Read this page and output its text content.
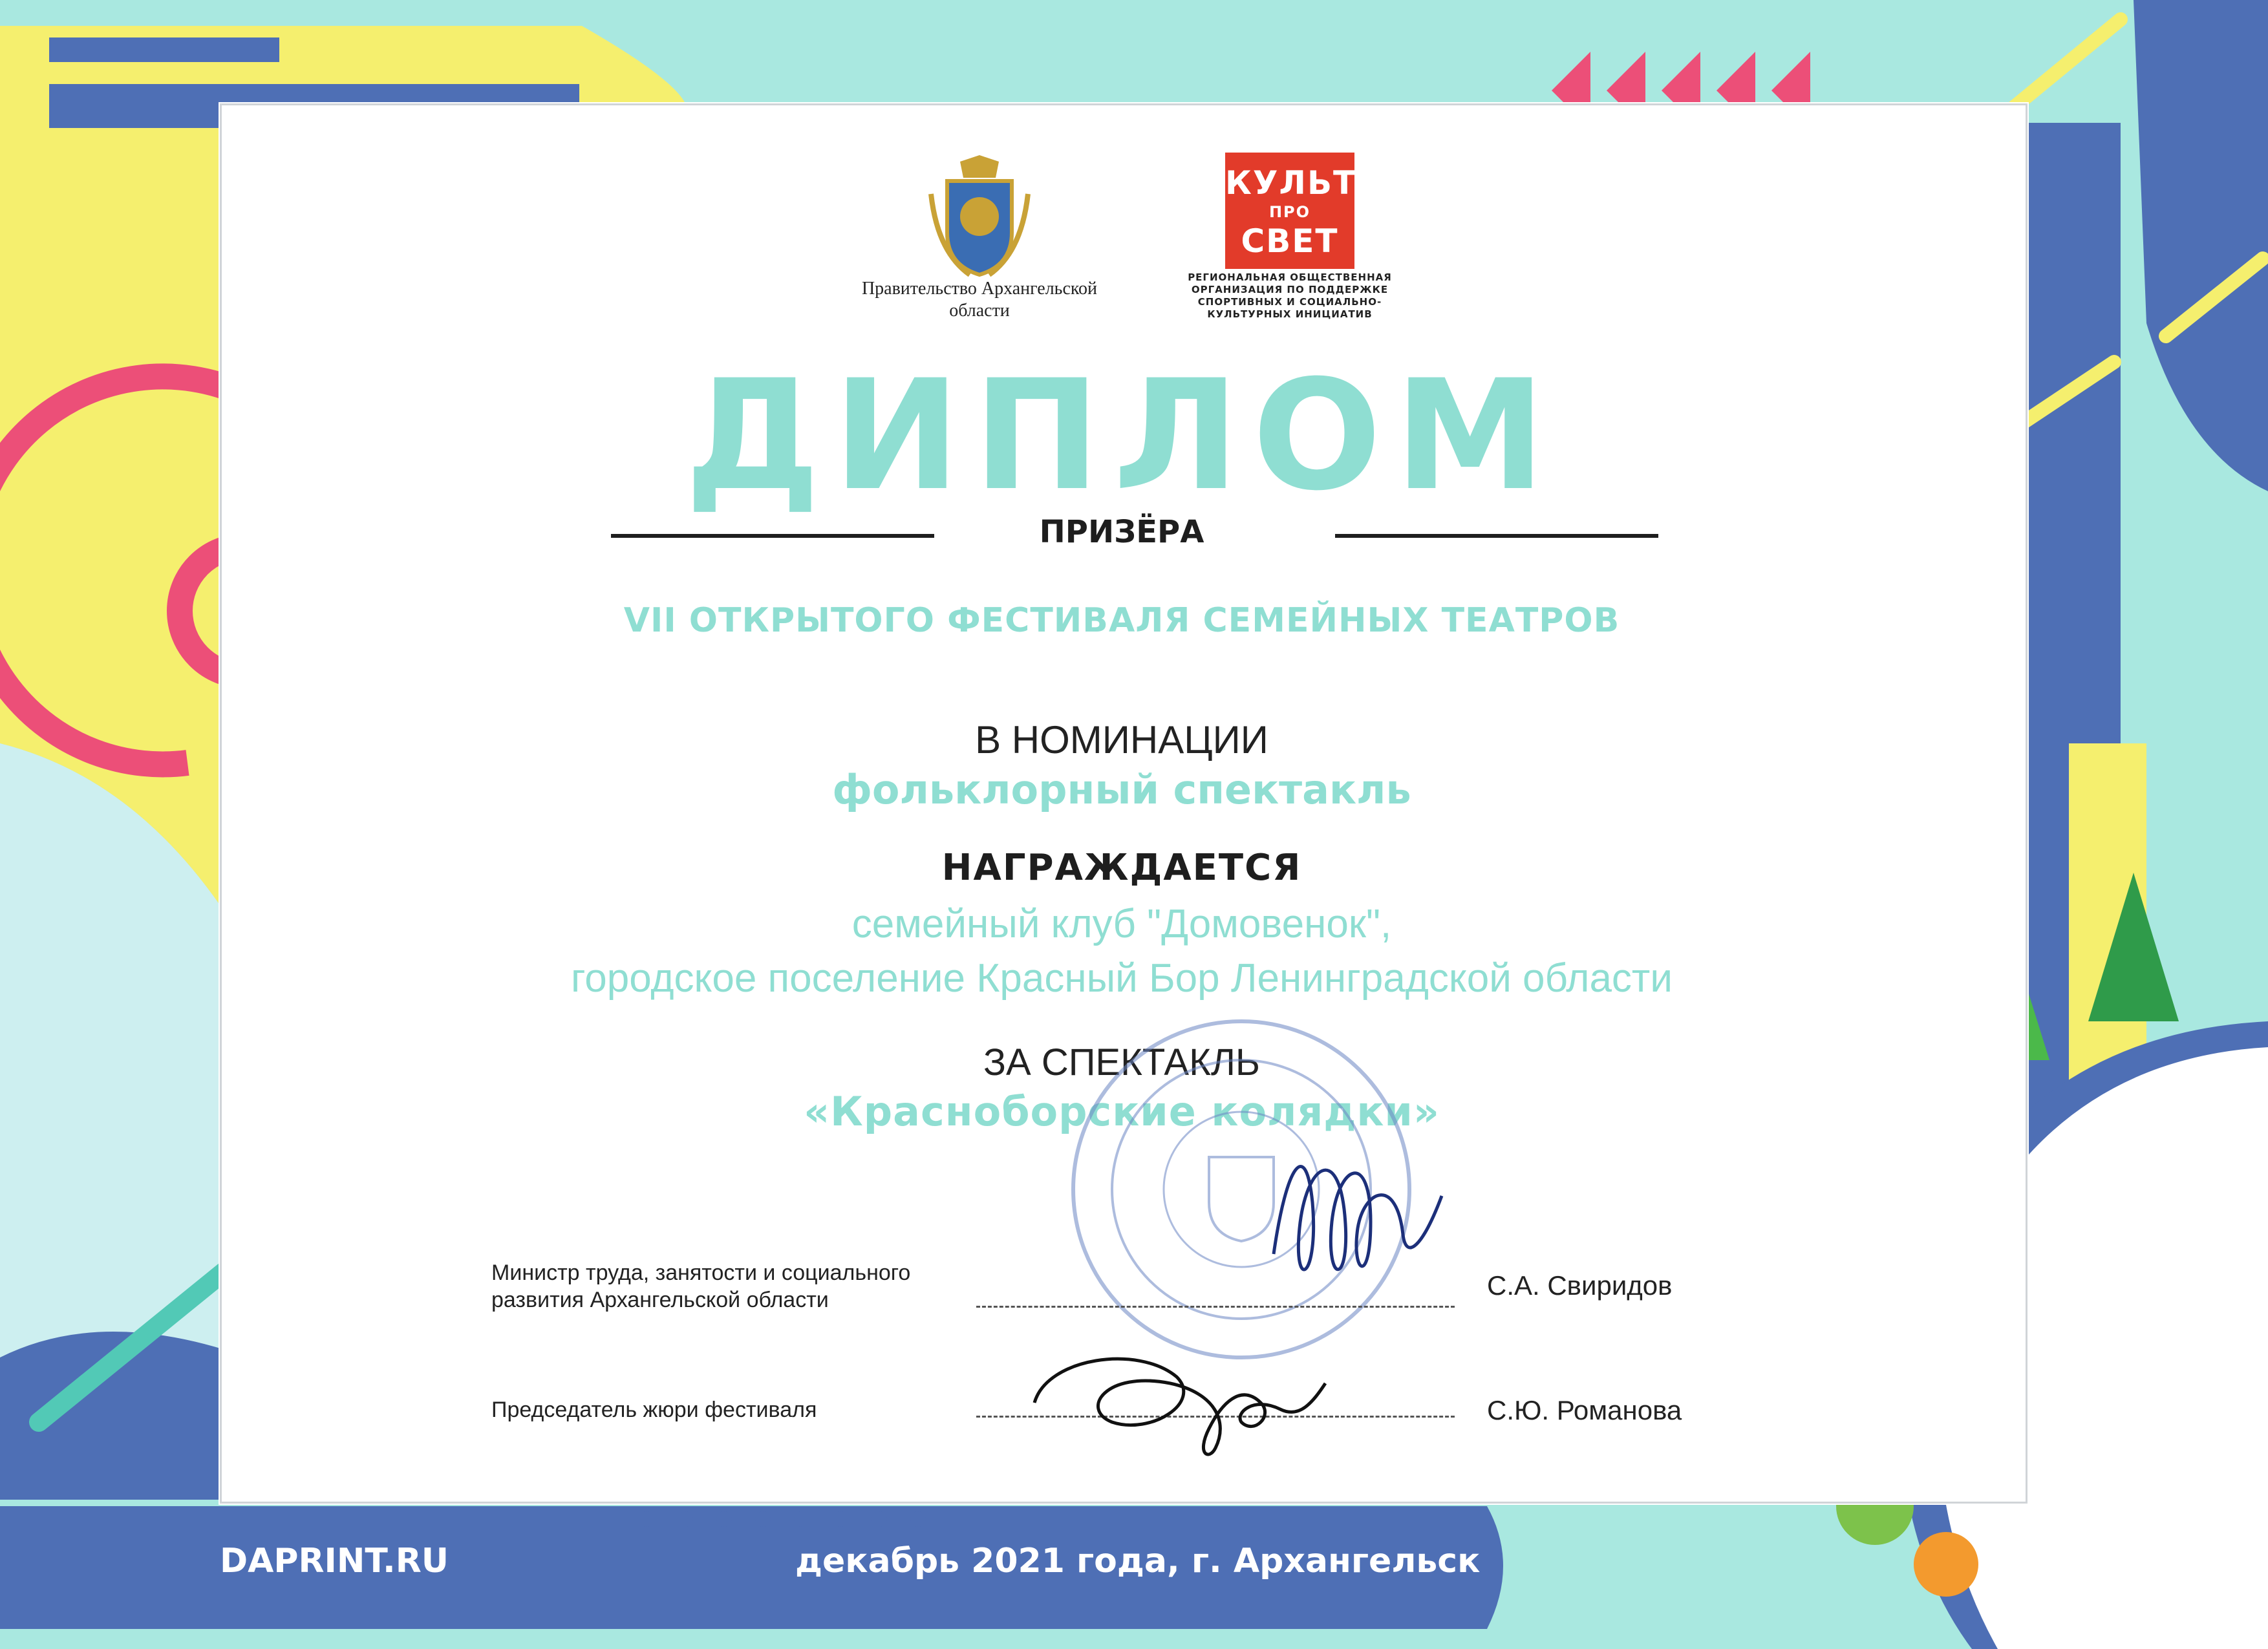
Правительство Архангельской области
КУЛЬТ
ПРО
СВЕТ
РЕГИОНАЛЬНАЯ ОБЩЕСТВЕННАЯ ОРГАНИЗАЦИЯ ПО ПОДДЕРЖКЕ СПОРТИВНЫХ И СОЦИАЛЬНО-КУЛЬТУРНЫХ ИНИЦИАТИВ
ДИПЛОМ
ПРИЗЁРА
VII ОТКРЫТОГО ФЕСТИВАЛЯ СЕМЕЙНЫХ ТЕАТРОВ
В НОМИНАЦИИ
фольклорный спектакль
НАГРАЖДАЕТСЯ
семейный клуб "Домовенок",
городское поселение Красный Бор Ленинградской области
ЗА СПЕКТАКЛЬ
«Красноборские колядки»
Министр труда, занятости и социального
развития Архангельской области	С.А. Свиридов
Председатель жюри фестиваля	С.Ю. Романова
DAPRINT.RU	декабрь 2021 года, г. Архангельск
